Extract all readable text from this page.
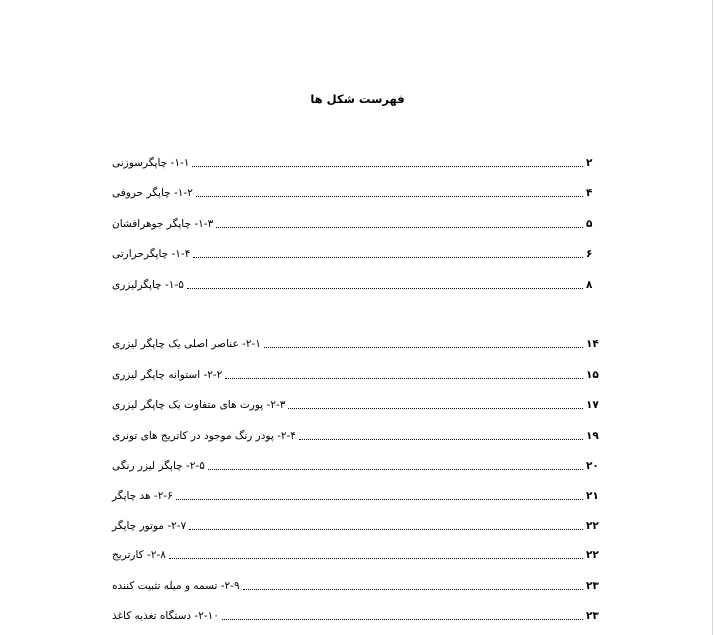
فهرست شکل ها
۱-۱- چاپگرسوزنی	۲
۱-۲- چاپگر حروفی	۴
۱-۳- چاپگر جوهرافشان	۵
۱-۴- چاپگرحرارتی	۶
۱-۵- چاپگرلیزری	۸
۲-۱- عناصر اصلی یک چاپگر لیزری	۱۴
۲-۲- استوانه چاپگر لیزری	۱۵
۲-۳- پورت های متفاوت یک چاپگر لیزری	۱۷
۲-۴- پودر رنگ موجود در کاتریج های تونری	۱۹
۲-۵- چاپگر لیزر رنگی	۲۰
۲-۶- هد چاپگر	۲۱
۲-۷- موتور چاپگر	۲۲
۲-۸- کارتریج	۲۲
۲-۹- تسمه و میله تثبیت کننده	۲۳
۲-۱۰- دستگاه تغذیه کاغذ	۲۳
